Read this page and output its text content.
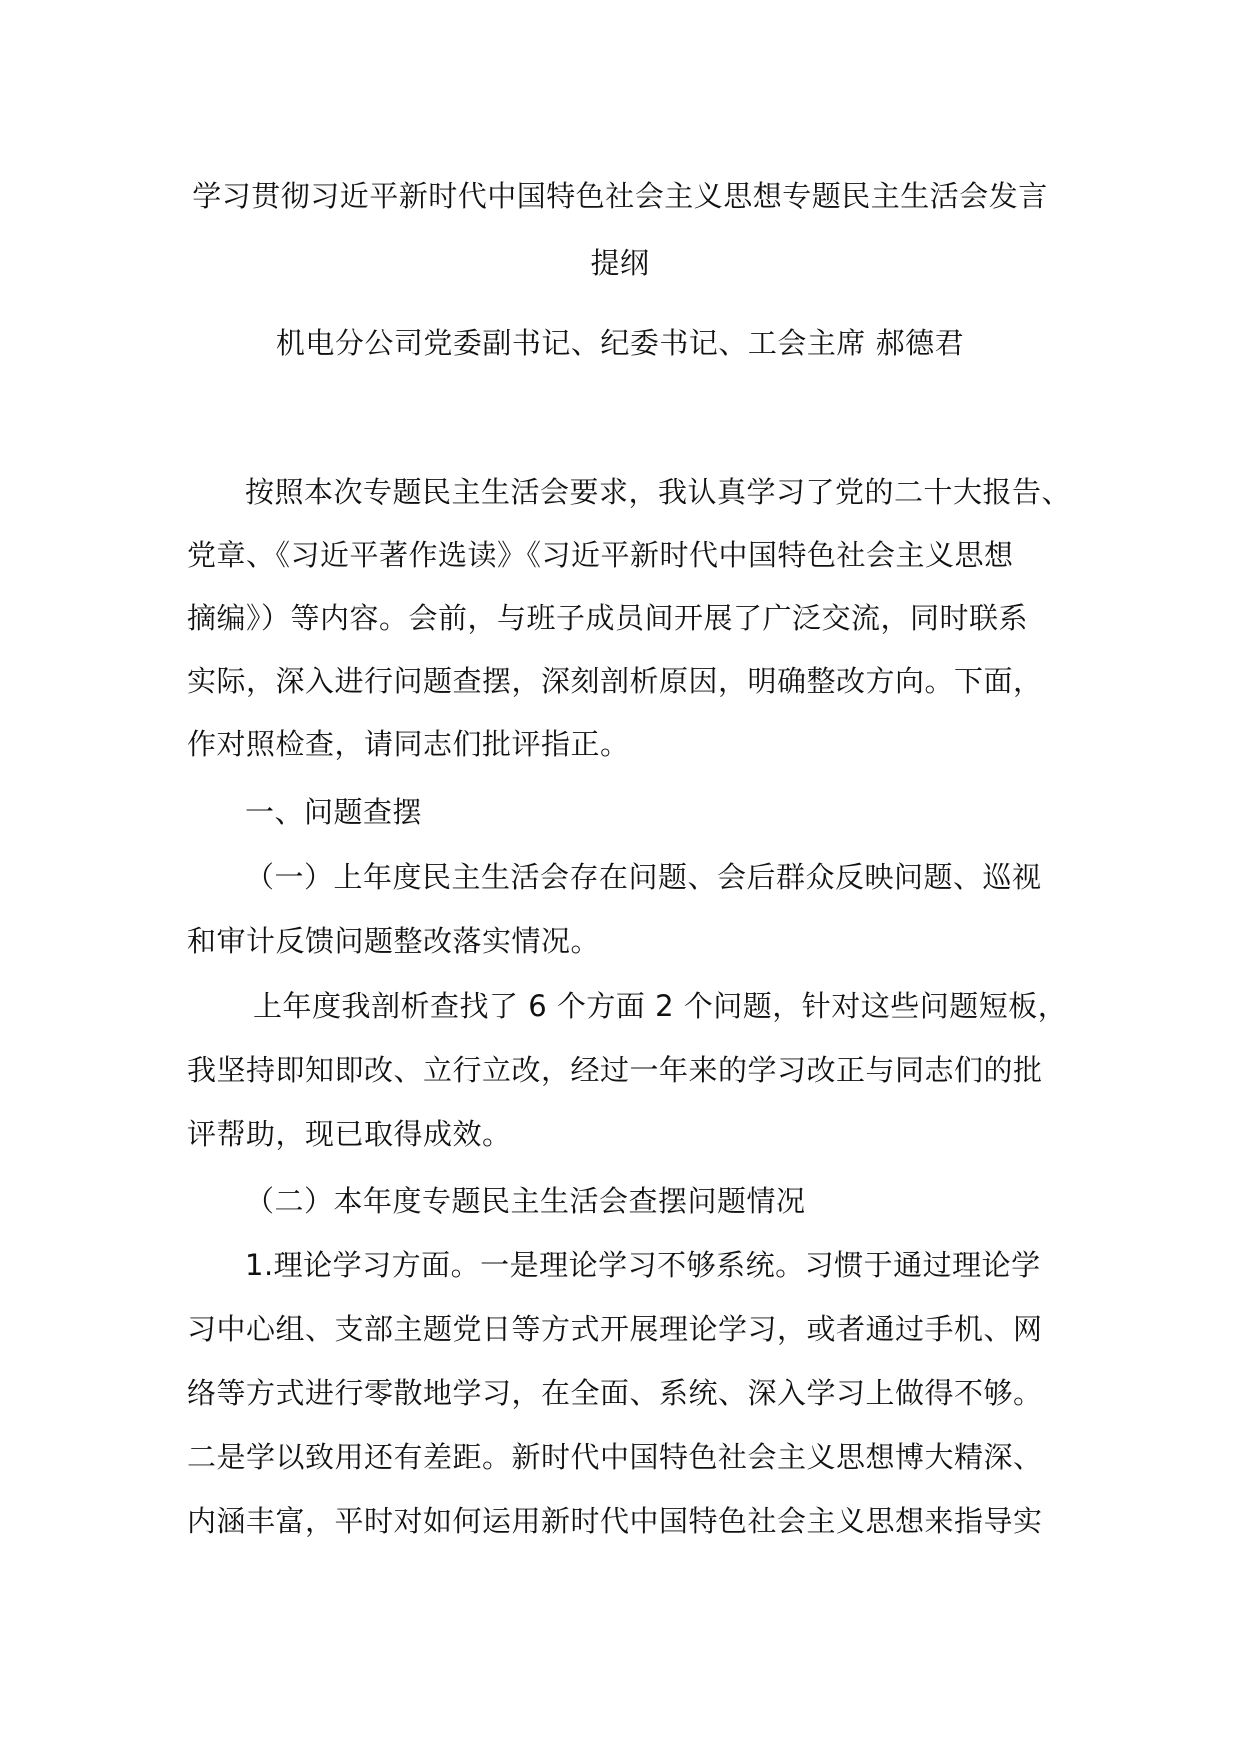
学习贯彻习近平新时代中国特色社会主义思想专题民主生活会发言
提纲
机电分公司党委副书记、纪委书记、工会主席 郝德君
按照本次专题民主生活会要求，我认真学习了党的二十大报告、
党章、《习近平著作选读》《习近平新时代中国特色社会主义思想
摘编》）等内容。会前，与班子成员间开展了广泛交流，同时联系
实际，深入进行问题查摆，深刻剖析原因，明确整改方向。下面，
作对照检查，请同志们批评指正。
一、问题查摆
（一）上年度民主生活会存在问题、会后群众反映问题、巡视
和审计反馈问题整改落实情况。
上年度我剖析查找了 6 个方面 2 个问题，针对这些问题短板，
我坚持即知即改、立行立改，经过一年来的学习改正与同志们的批
评帮助，现已取得成效。
（二）本年度专题民主生活会查摆问题情况
1.理论学习方面。一是理论学习不够系统。习惯于通过理论学
习中心组、支部主题党日等方式开展理论学习，或者通过手机、网
络等方式进行零散地学习，在全面、系统、深入学习上做得不够。
二是学以致用还有差距。新时代中国特色社会主义思想博大精深、
内涵丰富，平时对如何运用新时代中国特色社会主义思想来指导实
